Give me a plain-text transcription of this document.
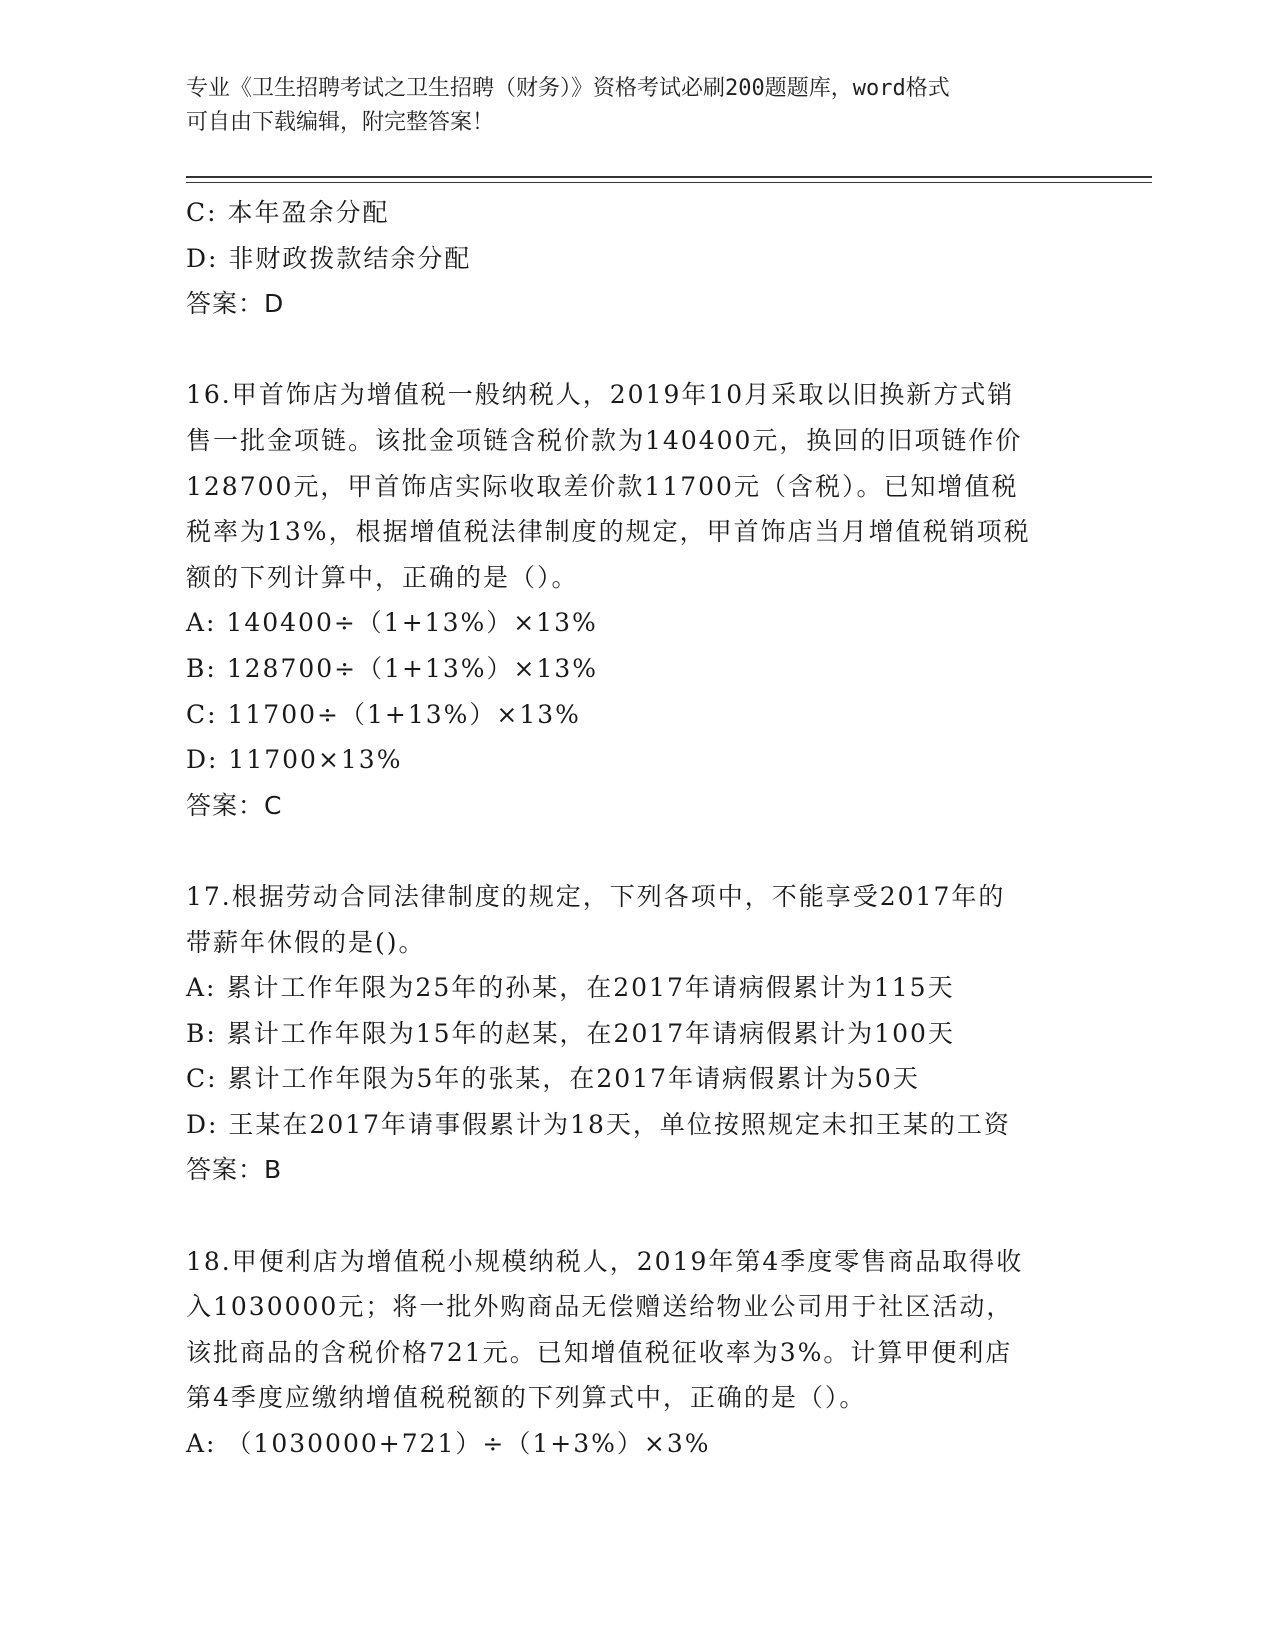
专业《卫生招聘考试之卫生招聘（财务）》资格考试必刷200题题库，word格式
可自由下载编辑，附完整答案！
C: 本年盈余分配
D: 非财政拨款结余分配
答案：D
16.甲首饰店为增值税一般纳税人，2019年10月采取以旧换新方式销
售一批金项链。该批金项链含税价款为140400元，换回的旧项链作价
128700元，甲首饰店实际收取差价款11700元（含税）。已知增值税
税率为13%，根据增值税法律制度的规定，甲首饰店当月增值税销项税
额的下列计算中，正确的是（）。
A: 140400÷（1+13%）×13%
B: 128700÷（1+13%）×13%
C: 11700÷（1+13%）×13%
D: 11700×13%
答案：C
17.根据劳动合同法律制度的规定，下列各项中，不能享受2017年的
带薪年休假的是()。
A: 累计工作年限为25年的孙某，在2017年请病假累计为115天
B: 累计工作年限为15年的赵某，在2017年请病假累计为100天
C: 累计工作年限为5年的张某，在2017年请病假累计为50天
D: 王某在2017年请事假累计为18天，单位按照规定未扣王某的工资
答案：B
18.甲便利店为增值税小规模纳税人，2019年第4季度零售商品取得收
入1030000元；将一批外购商品无偿赠送给物业公司用于社区活动，
该批商品的含税价格721元。已知增值税征收率为3%。计算甲便利店
第4季度应缴纳增值税税额的下列算式中，正确的是（）。
A: （1030000+721）÷（1+3%）×3%
